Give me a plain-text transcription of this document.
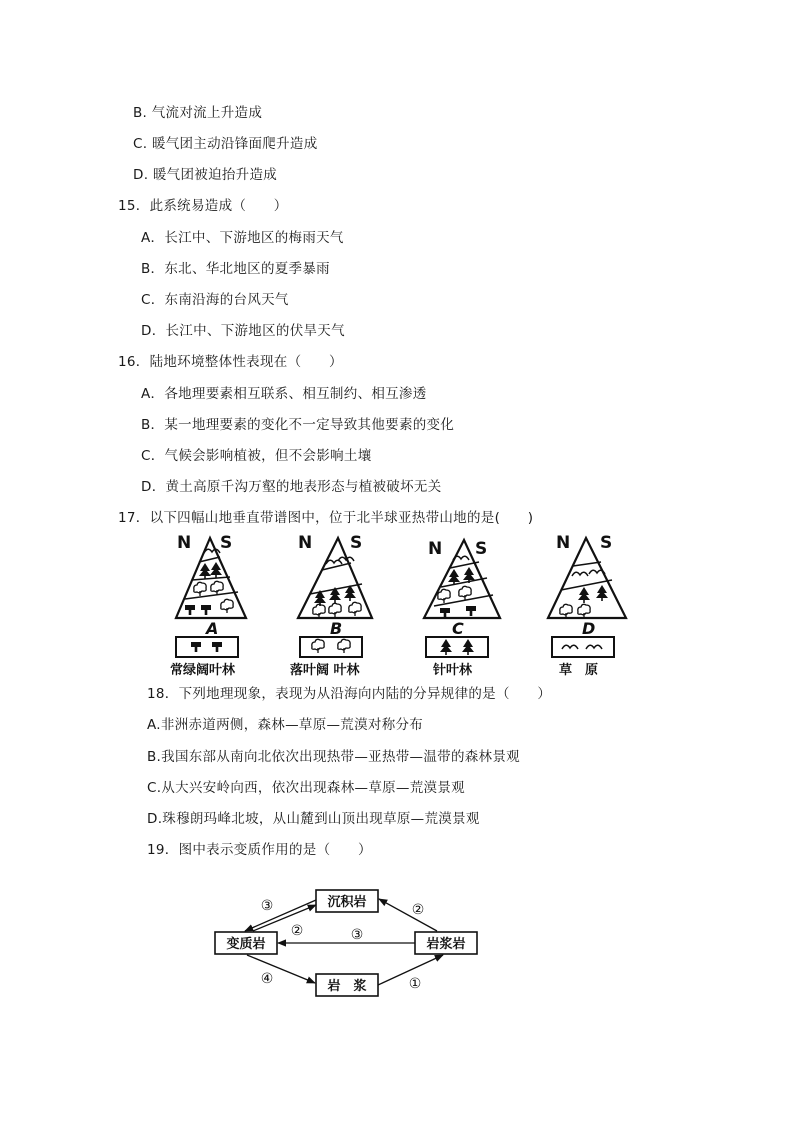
B. 气流对流上升造成
C. 暖气团主动沿锋面爬升造成
D. 暖气团被迫抬升造成
15．此系统易造成（　　）
A．长江中、下游地区的梅雨天气
B．东北、华北地区的夏季暴雨
C．东南沿海的台风天气
D．长江中、下游地区的伏旱天气
16．陆地环境整体性表现在（　　）
A．各地理要素相互联系、相互制约、相互渗透
B．某一地理要素的变化不一定导致其他要素的变化
C．气候会影响植被，但不会影响土壤
D．黄土高原千沟万壑的地表形态与植被破坏无关
17．以下四幅山地垂直带谱图中，位于北半球亚热带山地的是(　　)
N S
A
常绿阔叶林
N S
B
落叶阔 叶林
N S
C
针叶林
N S
D
草　原
18．下列地理现象，表现为从沿海向内陆的分异规律的是（　　）
A.非洲赤道两侧，森林—草原—荒漠对称分布
B.我国东部从南向北依次出现热带—亚热带—温带的森林景观
C.从大兴安岭向西，依次出现森林—草原—荒漠景观
D.珠穆朗玛峰北坡，从山麓到山顶出现草原—荒漠景观
19．图中表示变质作用的是（　　）
沉积岩
变质岩	岩浆岩
岩　浆
③
②
②
③
④	①
